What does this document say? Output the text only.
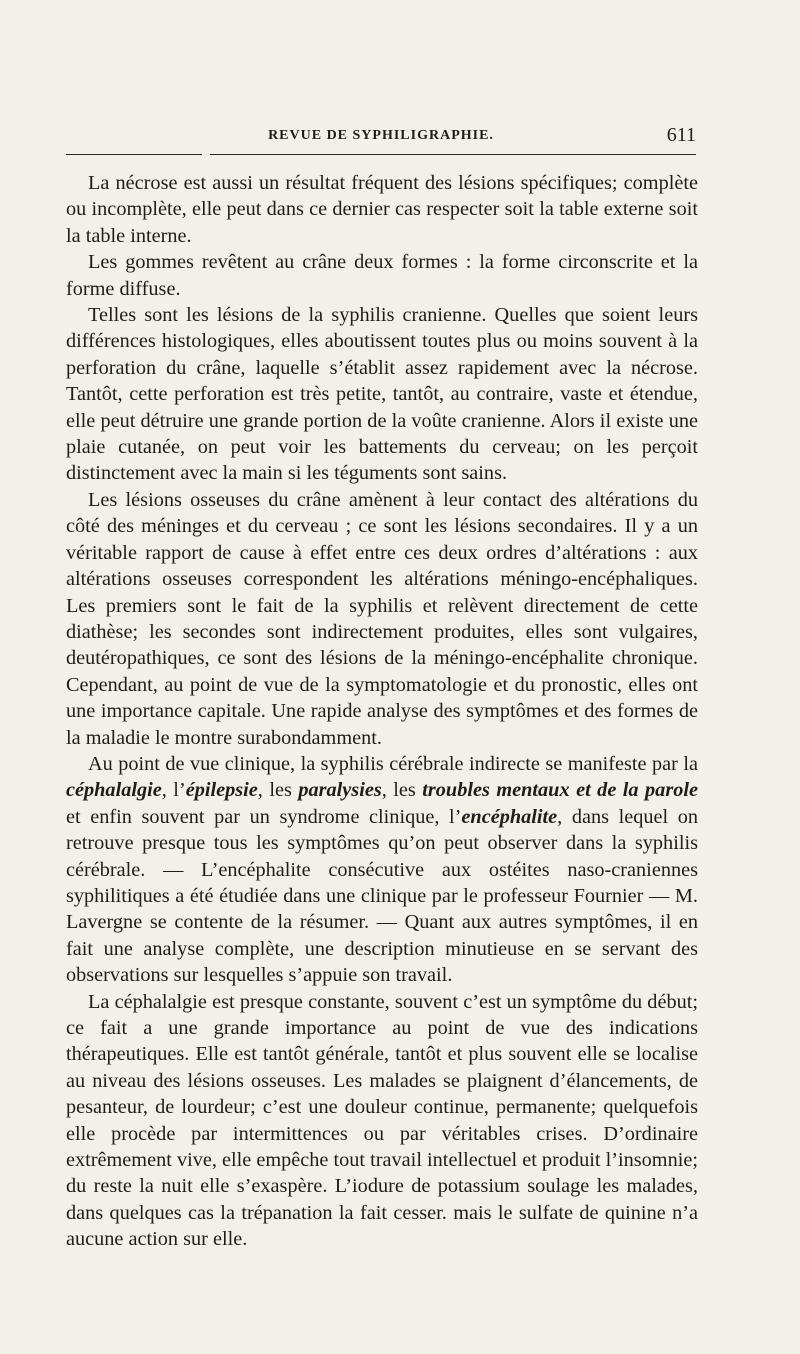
REVUE DE SYPHILIGRAPHIE.	611

La nécrose est aussi un résultat fréquent des lésions spécifiques; complète ou incomplète, elle peut dans ce dernier cas respecter soit la table externe soit la table interne.

Les gommes revêtent au crâne deux formes : la forme circonscrite et la forme diffuse.

Telles sont les lésions de la syphilis cranienne. Quelles que soient leurs différences histologiques, elles aboutissent toutes plus ou moins souvent à la perforation du crâne, laquelle s’établit assez rapidement avec la nécrose. Tantôt, cette perforation est très petite, tantôt, au contraire, vaste et étendue, elle peut détruire une grande portion de la voûte cranienne. Alors il existe une plaie cutanée, on peut voir les battements du cerveau; on les perçoit distinctement avec la main si les téguments sont sains.

Les lésions osseuses du crâne amènent à leur contact des altérations du côté des méninges et du cerveau ; ce sont les lésions secondaires. Il y a un véritable rapport de cause à effet entre ces deux ordres d’altérations : aux altérations osseuses correspondent les altérations méningo-encéphaliques. Les premiers sont le fait de la syphilis et relèvent directement de cette diathèse; les secondes sont indirectement produites, elles sont vulgaires, deutéropathiques, ce sont des lésions de la méningo-encéphalite chronique. Cependant, au point de vue de la symptomatologie et du pronostic, elles ont une importance capitale. Une rapide analyse des symptômes et des formes de la maladie le montre surabondamment.

Au point de vue clinique, la syphilis cérébrale indirecte se manifeste par la céphalalgie, l’épilepsie, les paralysies, les troubles mentaux et de la parole et enfin souvent par un syndrome clinique, l’encéphalite, dans lequel on retrouve presque tous les symptômes qu’on peut observer dans la syphilis cérébrale. — L’encéphalite consécutive aux ostéites naso-craniennes syphilitiques a été étudiée dans une clinique par le professeur Fournier — M. Lavergne se contente de la résumer. — Quant aux autres symptômes, il en fait une analyse complète, une description minutieuse en se servant des observations sur lesquelles s’appuie son travail.

La céphalalgie est presque constante, souvent c’est un symptôme du début; ce fait a une grande importance au point de vue des indications thérapeutiques. Elle est tantôt générale, tantôt et plus souvent elle se localise au niveau des lésions osseuses. Les malades se plaignent d’élancements, de pesanteur, de lourdeur; c’est une douleur continue, permanente; quelquefois elle procède par intermittences ou par véritables crises. D’ordinaire extrêmement vive, elle empêche tout travail intellectuel et produit l’insomnie; du reste la nuit elle s’exaspère. L’iodure de potassium soulage les malades, dans quelques cas la trépanation la fait cesser. mais le sulfate de quinine n’a aucune action sur elle.
